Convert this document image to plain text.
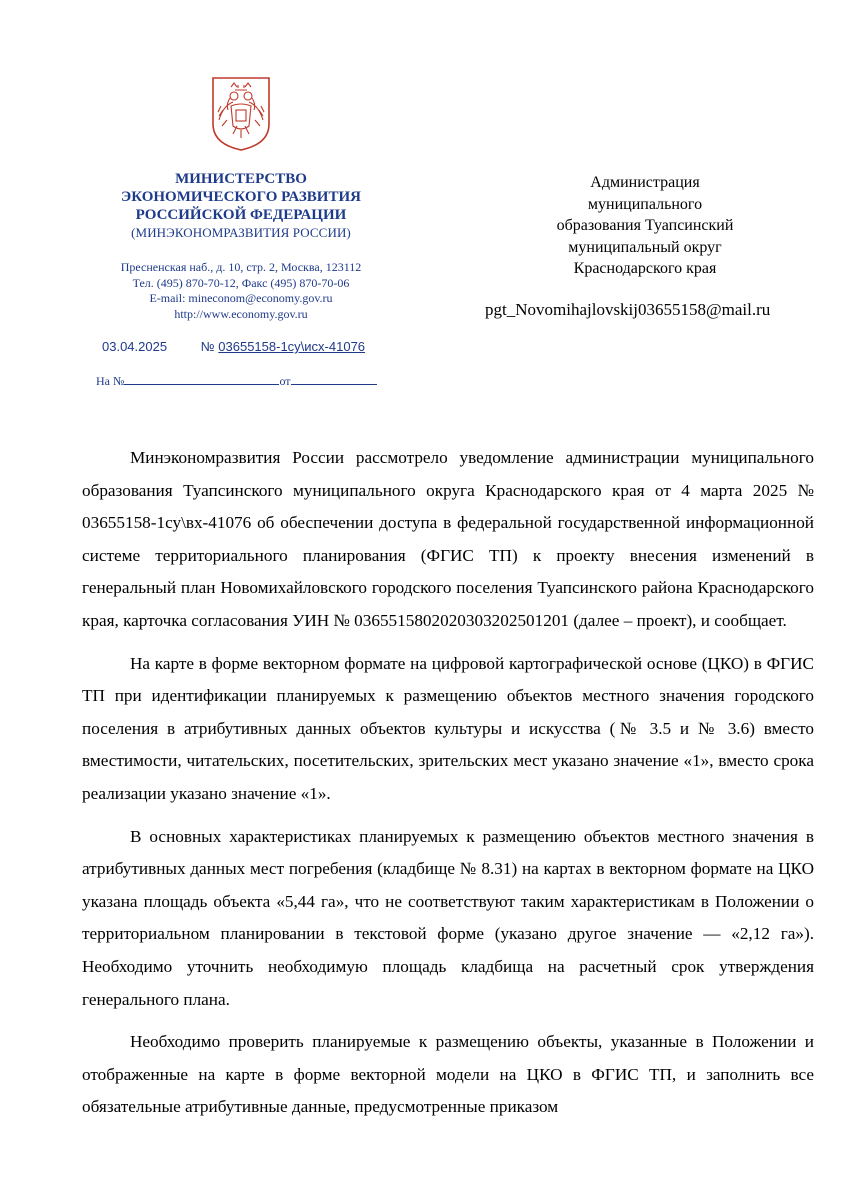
МИНИСТЕРСТВО
ЭКОНОМИЧЕСКОГО РАЗВИТИЯ
РОССИЙСКОЙ ФЕДЕРАЦИИ
(МИНЭКОНОМРАЗВИТИЯ РОССИИ)
Пресненская наб., д. 10, стр. 2, Москва, 123112
Тел. (495) 870-70-12, Факс (495) 870-70-06
E-mail: mineconom@economy.gov.ru
http://www.economy.gov.ru
03.04.2025	№ 03655158-1су\исх-41076
На №	от
Администрация
муниципального
образования Туапсинский
муниципальный округ
Краснодарского края
pgt_Novomihajlovskij03655158@mail.ru

Минэкономразвития России рассмотрело уведомление администрации муниципального образования Туапсинского муниципального округа Краснодарского края от 4 марта 2025 № 03655158-1су\вх-41076 об обеспечении доступа в федеральной государственной информационной системе территориального планирования (ФГИС ТП) к проекту внесения изменений в генеральный план Новомихайловского городского поселения Туапсинского района Краснодарского края, карточка согласования УИН № 0365515802020303202501201 (далее – проект), и сообщает.

На карте в форме векторном формате на цифровой картографической основе (ЦКО) в ФГИС ТП при идентификации планируемых к размещению объектов местного значения городского поселения в атрибутивных данных объектов культуры и искусства (№ 3.5 и № 3.6) вместо вместимости, читательских, посетительских, зрительских мест указано значение «1», вместо срока реализации указано значение «1».

В основных характеристиках планируемых к размещению объектов местного значения в атрибутивных данных мест погребения (кладбище № 8.31) на картах в векторном формате на ЦКО указана площадь объекта «5,44 га», что не соответствуют таким характеристикам в Положении о территориальном планировании в текстовой форме (указано другое значение — «2,12 га»). Необходимо уточнить необходимую площадь кладбища на расчетный срок утверждения генерального плана.

Необходимо проверить планируемые к размещению объекты, указанные в Положении и отображенные на карте в форме векторной модели на ЦКО в ФГИС ТП, и заполнить все обязательные атрибутивные данные, предусмотренные приказом
